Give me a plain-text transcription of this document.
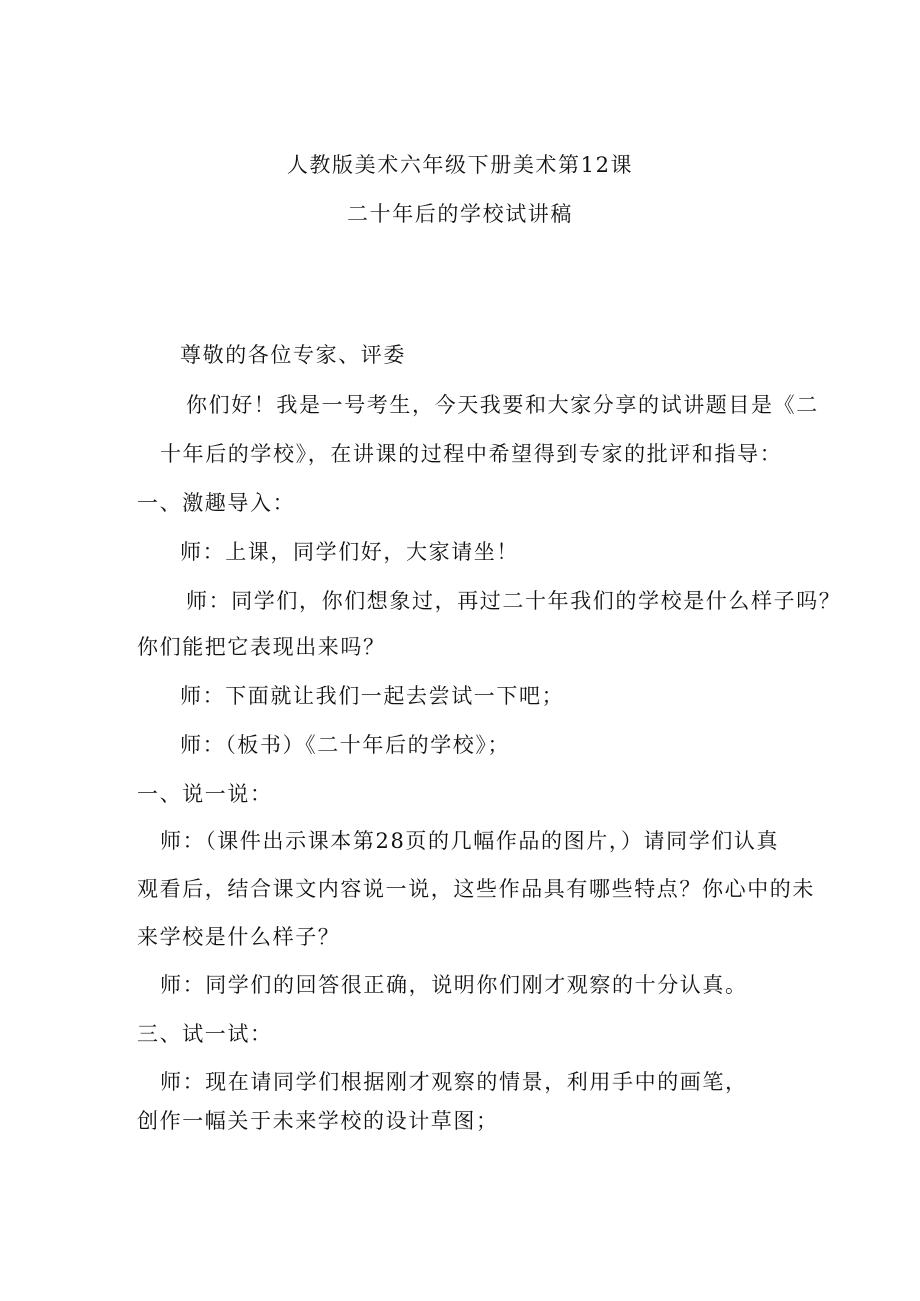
人教版美术六年级下册美术第12课
二十年后的学校试讲稿
尊敬的各位专家、评委
你们好！我是一号考生，今天我要和大家分享的试讲题目是《二
十年后的学校》，在讲课的过程中希望得到专家的批评和指导：
一、激趣导入：
师：上课，同学们好，大家请坐！
师：同学们，你们想象过，再过二十年我们的学校是什么样子吗？
你们能把它表现出来吗？
师：下面就让我们一起去尝试一下吧；
师：（板书）《二十年后的学校》；
一、说一说：
师：（课件出示课本第28页的几幅作品的图片，）请同学们认真
观看后，结合课文内容说一说，这些作品具有哪些特点？你心中的未
来学校是什么样子？
师：同学们的回答很正确，说明你们刚才观察的十分认真。
三、试一试：
师：现在请同学们根据刚才观察的情景，利用手中的画笔，
创作一幅关于未来学校的设计草图；
